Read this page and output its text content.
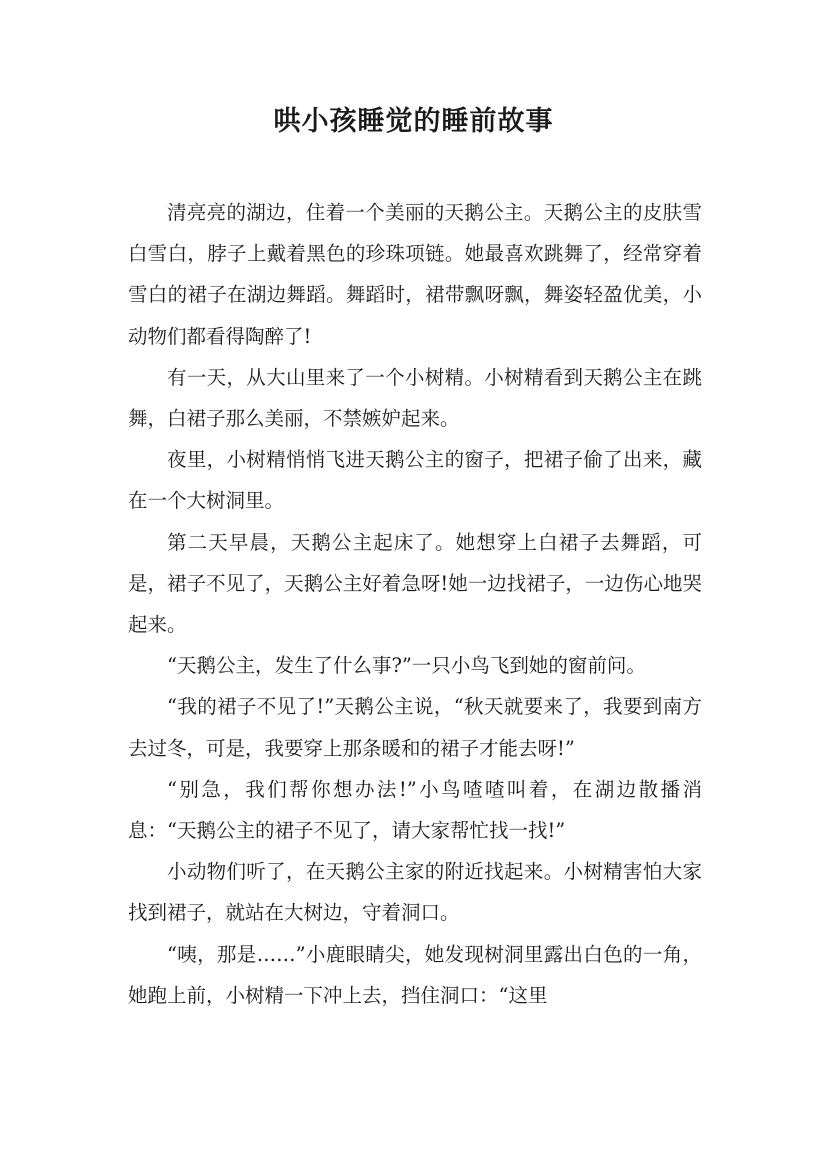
哄小孩睡觉的睡前故事

清亮亮的湖边，住着一个美丽的天鹅公主。天鹅公主的皮肤雪白雪白，脖子上戴着黑色的珍珠项链。她最喜欢跳舞了，经常穿着雪白的裙子在湖边舞蹈。舞蹈时，裙带飘呀飘，舞姿轻盈优美，小动物们都看得陶醉了!

有一天，从大山里来了一个小树精。小树精看到天鹅公主在跳舞，白裙子那么美丽，不禁嫉妒起来。

夜里，小树精悄悄飞进天鹅公主的窗子，把裙子偷了出来，藏在一个大树洞里。

第二天早晨，天鹅公主起床了。她想穿上白裙子去舞蹈，可是，裙子不见了，天鹅公主好着急呀!她一边找裙子，一边伤心地哭起来。

“天鹅公主，发生了什么事?”一只小鸟飞到她的窗前问。

“我的裙子不见了!”天鹅公主说，“秋天就要来了，我要到南方去过冬，可是，我要穿上那条暖和的裙子才能去呀!”

“别急，我们帮你想办法!”小鸟喳喳叫着，在湖边散播消息：“天鹅公主的裙子不见了，请大家帮忙找一找!”

小动物们听了，在天鹅公主家的附近找起来。小树精害怕大家找到裙子，就站在大树边，守着洞口。

“咦，那是……”小鹿眼睛尖，她发现树洞里露出白色的一角，她跑上前，小树精一下冲上去，挡住洞口：“这里
